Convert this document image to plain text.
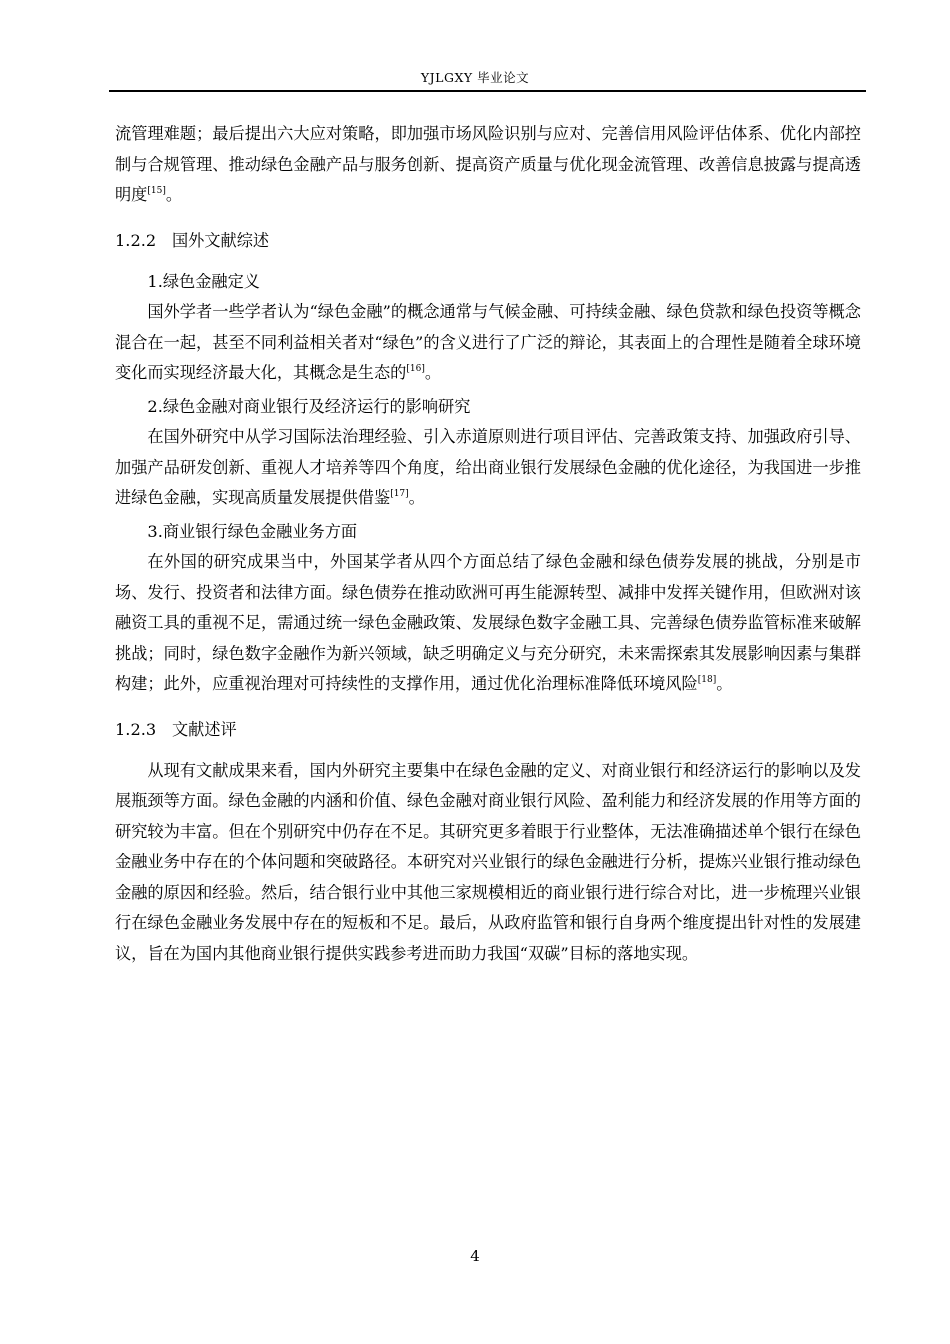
YJLGXY 毕业论文

流管理难题；最后提出六大应对策略，即加强市场风险识别与应对、完善信用风险评估体系、优化内部控制与合规管理、推动绿色金融产品与服务创新、提高资产质量与优化现金流管理、改善信息披露与提高透明度[15]。

1.2.2 国外文献综述

1.绿色金融定义

国外学者一些学者认为“绿色金融”的概念通常与气候金融、可持续金融、绿色贷款和绿色投资等概念混合在一起，甚至不同利益相关者对“绿色”的含义进行了广泛的辩论，其表面上的合理性是随着全球环境变化而实现经济最大化，其概念是生态的[16]。

2.绿色金融对商业银行及经济运行的影响研究

在国外研究中从学习国际法治理经验、引入赤道原则进行项目评估、完善政策支持、加强政府引导、加强产品研发创新、重视人才培养等四个角度，给出商业银行发展绿色金融的优化途径，为我国进一步推进绿色金融，实现高质量发展提供借鉴[17]。

3.商业银行绿色金融业务方面

在外国的研究成果当中，外国某学者从四个方面总结了绿色金融和绿色债券发展的挑战，分别是市场、发行、投资者和法律方面。绿色债券在推动欧洲可再生能源转型、减排中发挥关键作用，但欧洲对该融资工具的重视不足，需通过统一绿色金融政策、发展绿色数字金融工具、完善绿色债券监管标准来破解挑战；同时，绿色数字金融作为新兴领域，缺乏明确定义与充分研究，未来需探索其发展影响因素与集群构建；此外，应重视治理对可持续性的支撑作用，通过优化治理标准降低环境风险[18]。

1.2.3 文献述评

从现有文献成果来看，国内外研究主要集中在绿色金融的定义、对商业银行和经济运行的影响以及发展瓶颈等方面。绿色金融的内涵和价值、绿色金融对商业银行风险、盈利能力和经济发展的作用等方面的研究较为丰富。但在个别研究中仍存在不足。其研究更多着眼于行业整体，无法准确描述单个银行在绿色金融业务中存在的个体问题和突破路径。本研究对兴业银行的绿色金融进行分析，提炼兴业银行推动绿色金融的原因和经验。然后，结合银行业中其他三家规模相近的商业银行进行综合对比，进一步梳理兴业银行在绿色金融业务发展中存在的短板和不足。最后，从政府监管和银行自身两个维度提出针对性的发展建议，旨在为国内其他商业银行提供实践参考进而助力我国“双碳”目标的落地实现。

4
